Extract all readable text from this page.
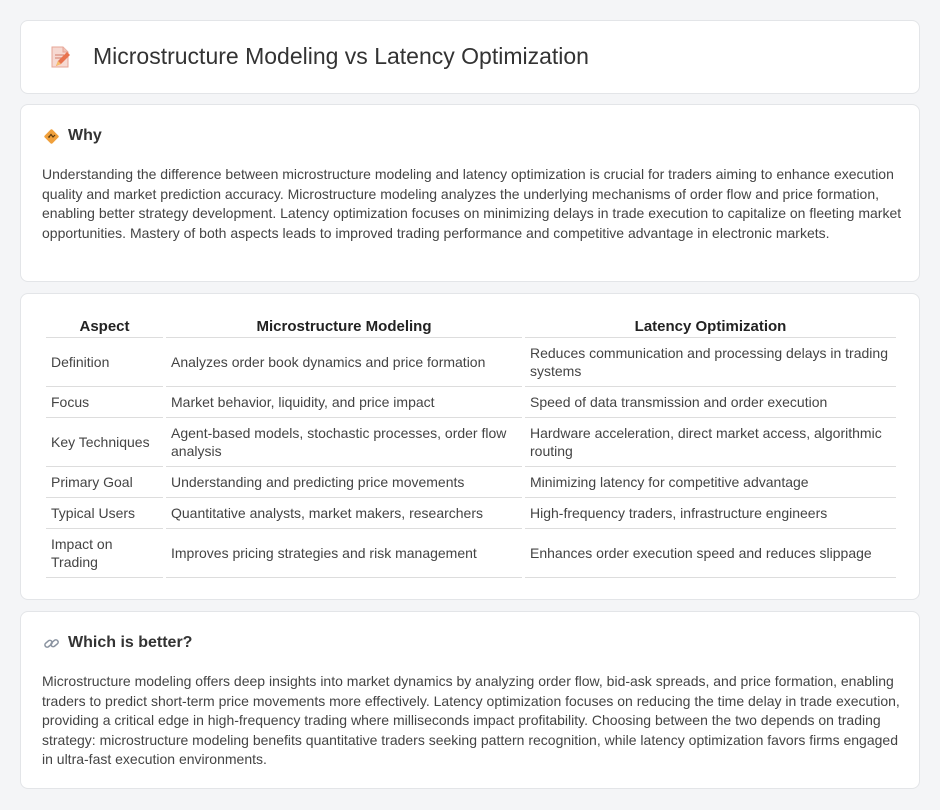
Microstructure Modeling vs Latency Optimization
Why

Understanding the difference between microstructure modeling and latency optimization is crucial for traders aiming to enhance execution quality and market prediction accuracy. Microstructure modeling analyzes the underlying mechanisms of order flow and price formation, enabling better strategy development. Latency optimization focuses on minimizing delays in trade execution to capitalize on fleeting market opportunities. Mastery of both aspects leads to improved trading performance and competitive advantage in electronic markets.

Aspect	Microstructure Modeling	Latency Optimization
Definition	Analyzes order book dynamics and price formation	Reduces communication and processing delays in trading systems
Focus	Market behavior, liquidity, and price impact	Speed of data transmission and order execution
Key Techniques	Agent-based models, stochastic processes, order flow analysis	Hardware acceleration, direct market access, algorithmic routing
Primary Goal	Understanding and predicting price movements	Minimizing latency for competitive advantage
Typical Users	Quantitative analysts, market makers, researchers	High-frequency traders, infrastructure engineers
Impact on Trading	Improves pricing strategies and risk management	Enhances order execution speed and reduces slippage
Which is better?

Microstructure modeling offers deep insights into market dynamics by analyzing order flow, bid-ask spreads, and price formation, enabling traders to predict short-term price movements more effectively. Latency optimization focuses on reducing the time delay in trade execution, providing a critical edge in high-frequency trading where milliseconds impact profitability. Choosing between the two depends on trading strategy: microstructure modeling benefits quantitative traders seeking pattern recognition, while latency optimization favors firms engaged in ultra-fast execution environments.
